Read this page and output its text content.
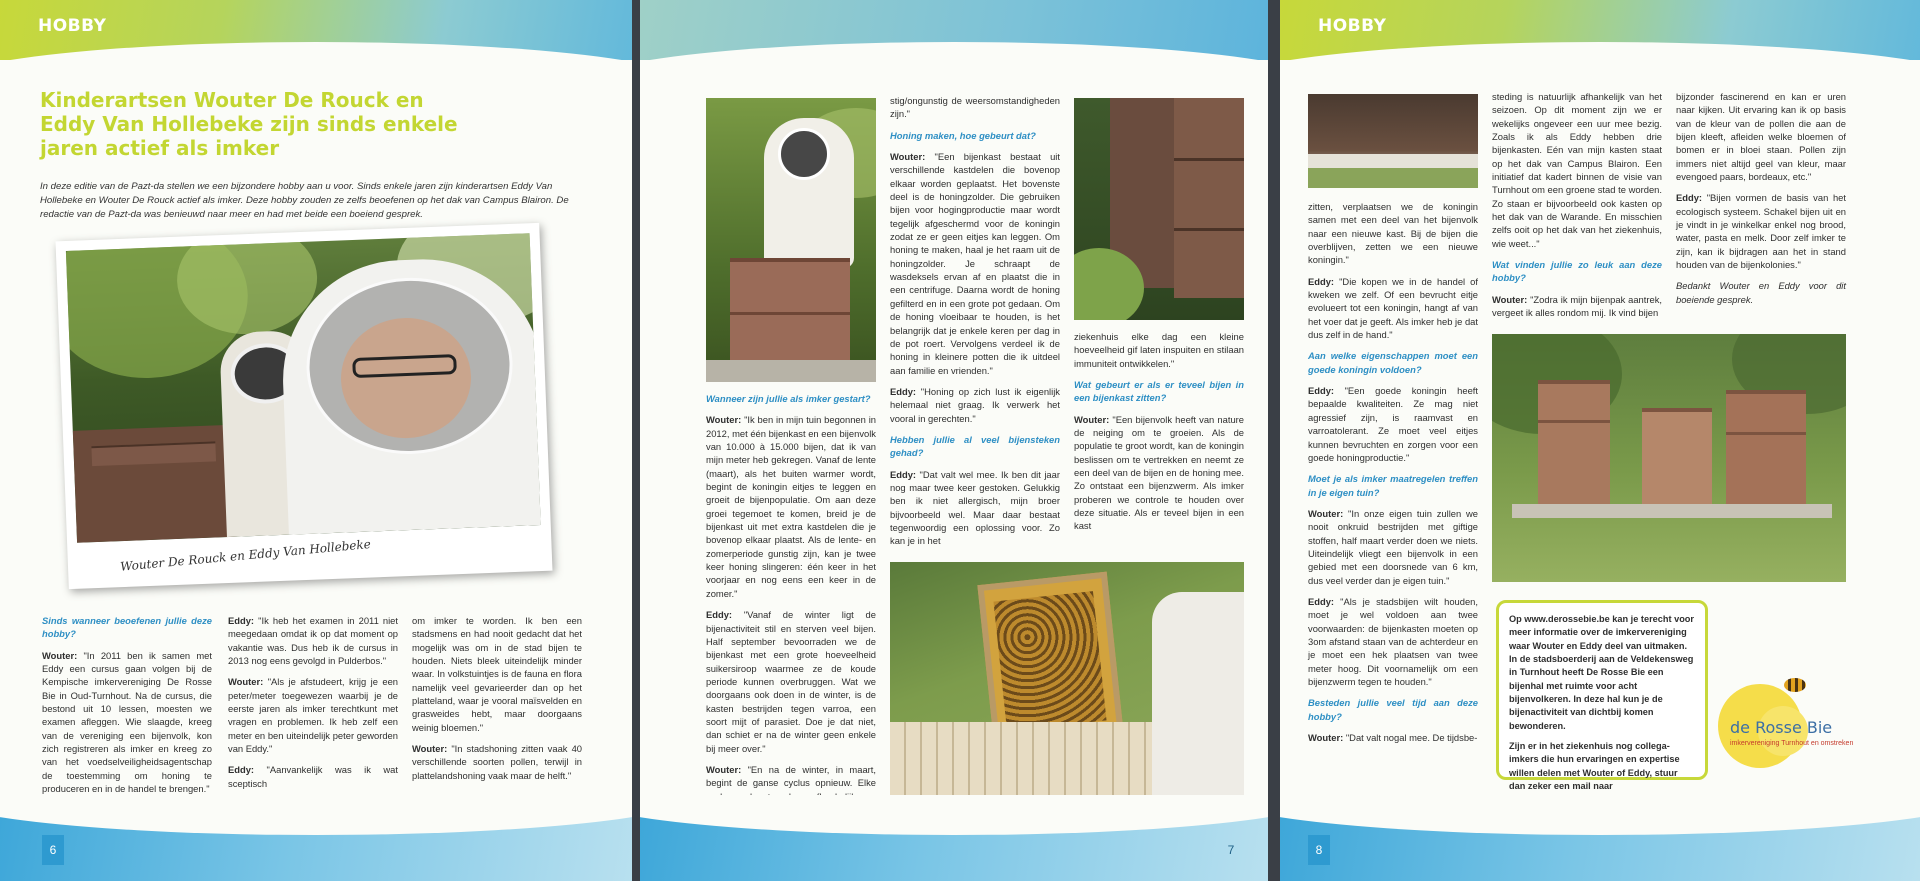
HOBBY
Kinderartsen Wouter De Rouck en Eddy Van Hollebeke zijn sinds enkele jaren actief als imker

In deze editie van de Pazt-da stellen we een bijzondere hobby aan u voor. Sinds enkele jaren zijn kinderartsen Eddy Van Hollebeke en Wouter De Rouck actief als imker. Deze hobby zouden ze zelfs beoefenen op het dak van Campus Blairon. De redactie van de Pazt-da was benieuwd naar meer en had met beide een boeiend gesprek.

Wouter De Rouck en Eddy Van Hollebeke

Sinds wanneer beoefenen jullie deze hobby?

Wouter: "In 2011 ben ik samen met Eddy een cursus gaan volgen bij de Kempische imkervereniging De Rosse Bie in Oud-Turnhout. Na de cursus, die bestond uit 10 lessen, moesten we examen afleggen. Wie slaagde, kreeg van de vereniging een bijenvolk, kon zich registreren als imker en kreeg zo van het voedselveiligheidsagentschap de toestemming om honing te produceren en in de handel te brengen."

Eddy: "Ik heb het examen in 2011 niet meegedaan omdat ik op dat moment op vakantie was. Dus heb ik de cursus in 2013 nog eens gevolgd in Pulderbos."

Wouter: "Als je afstudeert, krijg je een peter/meter toegewezen waarbij je de eerste jaren als imker terechtkunt met vragen en problemen. Ik heb zelf een meter en ben uiteindelijk peter geworden van Eddy."

Eddy: "Aanvankelijk was ik wat sceptisch

om imker te worden. Ik ben een stadsmens en had nooit gedacht dat het mogelijk was om in de stad bijen te houden. Niets bleek uiteindelijk minder waar. In volkstuintjes is de fauna en flora namelijk veel gevarieerder dan op het platteland, waar je vooral maïsvelden en grasweides hebt, maar doorgaans weinig bloemen."

Wouter: "In stadshoning zitten vaak 40 verschillende soorten pollen, terwijl in plattelandshoning vaak maar de helft."

6

Wanneer zijn jullie als imker gestart?

Wouter: "Ik ben in mijn tuin begonnen in 2012, met één bijenkast en een bijenvolk van 10.000 à 15.000 bijen, dat ik van mijn meter heb gekregen. Vanaf de lente (maart), als het buiten warmer wordt, begint de koningin eitjes te leggen en groeit de bijenpopulatie. Om aan deze groei tegemoet te komen, breid je de bijenkast uit met extra kastdelen die je bovenop elkaar plaatst. Als de lente- en zomerperiode gunstig zijn, kan je twee keer honing slingeren: één keer in het voorjaar en nog eens een keer in de zomer."

Eddy: "Vanaf de winter ligt de bijenactiviteit stil en sterven veel bijen. Half september bevoorraden we de bijenkast met een grote hoeveelheid suikersiroop waarmee ze de koude periode kunnen overbruggen. Wat we doorgaans ook doen in de winter, is de kasten bestrijden tegen varroa, een soort mijt of parasiet. Doe je dat niet, dan schiet er na de winter geen enkele bij meer over."

Wouter: "En na de winter, in maart, begint de ganse cyclus opnieuw. Elke

stig/ongunstig de weersomstandigheden zijn."

Honing maken, hoe gebeurt dat?

Wouter: "Een bijenkast bestaat uit verschillende kastdelen die bovenop elkaar worden geplaatst. Het bovenste deel is de honingzolder. Die gebruiken bijen voor hogingproductie maar wordt tegelijk afgeschermd voor de koningin zodat ze er geen eitjes kan leggen. Om honing te maken, haal je het raam uit de honingzolder. Je schraapt de wasdeksels ervan af en plaatst die in een centrifuge. Daarna wordt de honing gefilterd en in een grote pot gedaan. Om de honing vloeibaar te houden, is het belangrijk dat je enkele keren per dag in de pot roert. Vervolgens verdeel ik de honing in kleinere potten die ik uitdeel aan familie en vrienden."

Eddy: "Honing op zich lust ik eigenlijk helemaal niet graag. Ik verwerk het vooral in gerechten."

Hebben jullie al veel bijensteken gehad?

Eddy: "Dat valt wel mee. Ik ben dit jaar nog maar twee keer gestoken. Gelukkig ben ik niet allergisch, mijn broer bijvoorbeeld wel. Maar daar bestaat tegenwoordig een oplossing voor. Zo kan je in het

ziekenhuis elke dag een kleine hoeveelheid gif laten inspuiten en stilaan immuniteit ontwikkelen."

Wat gebeurt er als er teveel bijen in een bijenkast zitten?

Wouter: "Een bijenvolk heeft van nature de neiging om te groeien. Als de populatie te groot wordt, kan de koningin beslissen om te vertrekken en neemt ze een deel van de bijen en de honing mee. Zo ontstaat een bijenzwerm. Als imker proberen we controle te houden over deze situatie. Als er teveel bijen in een kast

7
HOBBY

zitten, verplaatsen we de koningin samen met een deel van het bijenvolk naar een nieuwe kast. Bij de bijen die overblijven, zetten we een nieuwe koningin."

Eddy: "Die kopen we in de handel of kweken we zelf. Of een bevrucht eitje evolueert tot een koningin, hangt af van het voer dat je geeft. Als imker heb je dat dus zelf in de hand."

Aan welke eigenschappen moet een goede koningin voldoen?

Eddy: "Een goede koningin heeft bepaalde kwaliteiten. Ze mag niet agressief zijn, is raamvast en varroatolerant. Ze moet veel eitjes kunnen bevruchten en zorgen voor een goede honingproductie."

Moet je als imker maatregelen treffen in je eigen tuin?

Wouter: "In onze eigen tuin zullen we nooit onkruid bestrijden met giftige stoffen, half maart verder doen we niets. Uiteindelijk vliegt een bijenvolk in een gebied met een doorsnede van 6 km, dus veel verder dan je eigen tuin."

Eddy: "Als je stadsbijen wilt houden, moet je wel voldoen aan twee voorwaarden: de bijenkasten moeten op 3om afstand staan van de achterdeur en je moet een hek plaatsen van twee meter hoog. Dit voornamelijk om een bijenzwerm tegen te houden."

Besteden jullie veel tijd aan deze hobby?

Wouter: "Dat valt nogal mee. De tijdsbe-

steding is natuurlijk afhankelijk van het seizoen. Op dit moment zijn we er wekelijks ongeveer een uur mee bezig. Zoals ik als Eddy hebben drie bijenkasten. Eén van mijn kasten staat op het dak van Campus Blairon. Een initiatief dat kadert binnen de visie van Turnhout om een groene stad te worden. Zo staan er bijvoorbeeld ook kasten op het dak van de Warande. En misschien zelfs ooit op het dak van het ziekenhuis, wie weet..."

Wat vinden jullie zo leuk aan deze hobby?

Wouter: "Zodra ik mijn bijenpak aantrek, vergeet ik alles rondom mij. Ik vind bijen

bijzonder fascinerend en kan er uren naar kijken. Uit ervaring kan ik op basis van de kleur van de pollen die aan de bijen kleeft, afleiden welke bloemen of bomen er in bloei staan. Pollen zijn immers niet altijd geel van kleur, maar evengoed paars, bordeaux, etc."

Eddy: "Bijen vormen de basis van het ecologisch systeem. Schakel bijen uit en je vindt in je winkelkar enkel nog brood, water, pasta en melk. Door zelf imker te zijn, kan ik bijdragen aan het in stand houden van de bijenkolonies."

Bedankt Wouter en Eddy voor dit boeiende gesprek.

Op www.derossebie.be kan je terecht voor meer informatie over de imkervereniging waar Wouter en Eddy deel van uitmaken. In de stadsboerderij aan de Veldekensweg in Turnhout heeft De Rosse Bie een bijenhal met ruimte voor acht bijenvolkeren. In deze hal kun je de bijenactiviteit van dichtbij komen bewonderen.

Zijn er in het ziekenhuis nog collega-imkers die hun ervaringen en expertise willen delen met Wouter of Eddy, stuur dan zeker een mail naar

de Rosse Bie
imkervereniging Turnhout en omstreken
8
